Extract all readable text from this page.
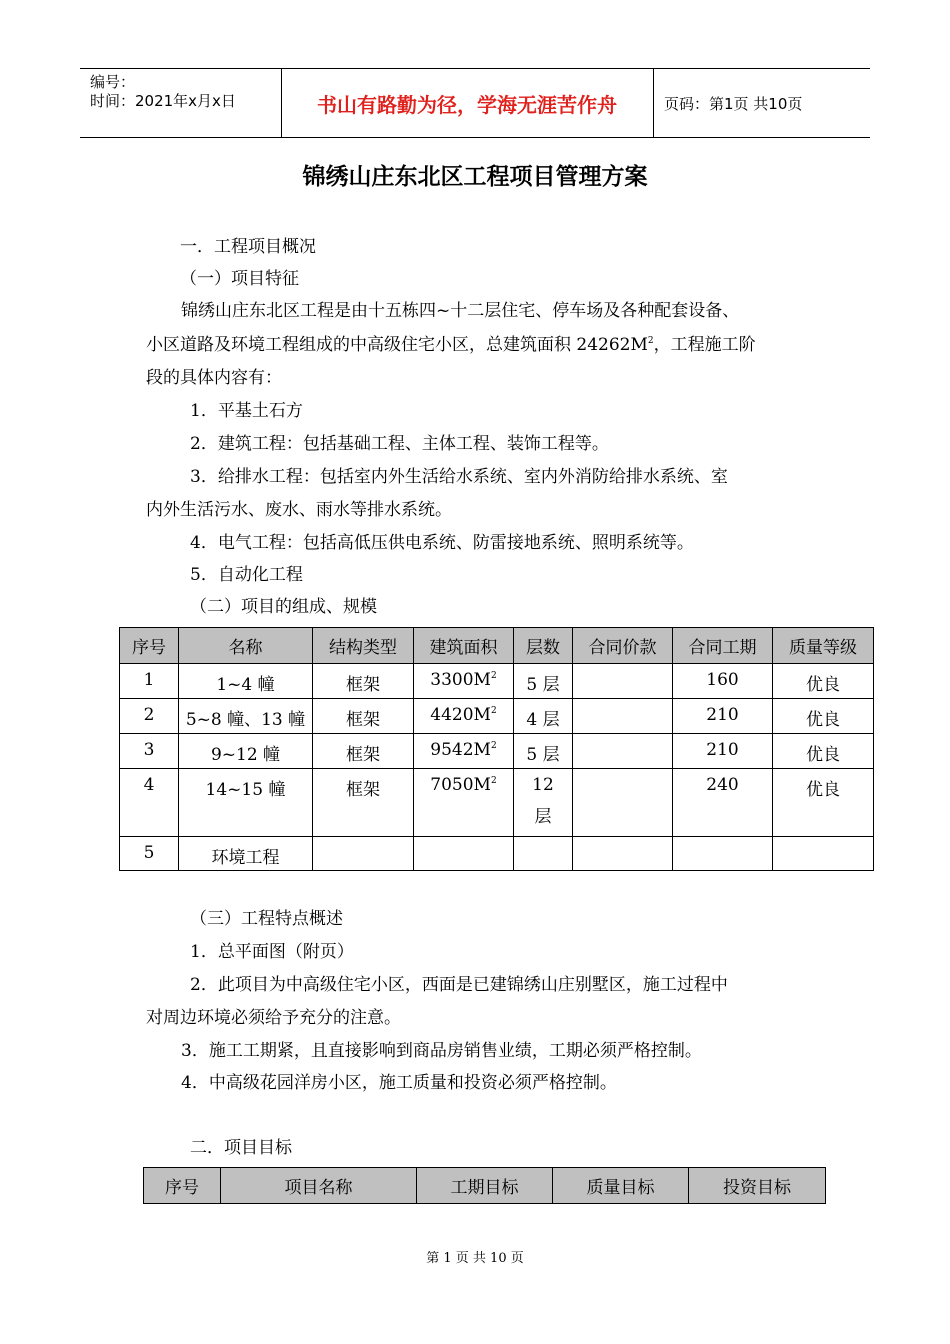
编号：
时间：2021年x月x日	书山有路勤为径，学海无涯苦作舟	页码：第1页 共10页
锦绣山庄东北区工程项目管理方案
一．工程项目概况
（一）项目特征
锦绣山庄东北区工程是由十五栋四~十二层住宅、停车场及各种配套设备、
小区道路及环境工程组成的中高级住宅小区，总建筑面积 $24262M^2$，工程施工阶
段的具体内容有：
1．平基土石方
2．建筑工程：包括基础工程、主体工程、装饰工程等。
3．给排水工程：包括室内外生活给水系统、室内外消防给排水系统、室
内外生活污水、废水、雨水等排水系统。
4．电气工程：包括高低压供电系统、防雷接地系统、照明系统等。
5．自动化工程
（二）项目的组成、规模
序号	名称	结构类型	建筑面积	层数	合同价款	合同工期	质量等级
1	1~4 幢	框架	$3300M^2$	5 层		160	优良
2	5~8 幢、13 幢	框架	$4420M^2$	4 层		210	优良
3	9~12 幢	框架	$9542M^2$	5 层		210	优良
4	14~15 幢	框架	$7050M^2$	12 层		240	优良
5	环境工程						
（三）工程特点概述
1．总平面图（附页）
2．此项目为中高级住宅小区，西面是已建锦绣山庄别墅区，施工过程中
对周边环境必须给予充分的注意。
3．施工工期紧，且直接影响到商品房销售业绩，工期必须严格控制。
4．中高级花园洋房小区，施工质量和投资必须严格控制。
二．项目目标
序号	项目名称	工期目标	质量目标	投资目标
第 1 页 共 10 页
